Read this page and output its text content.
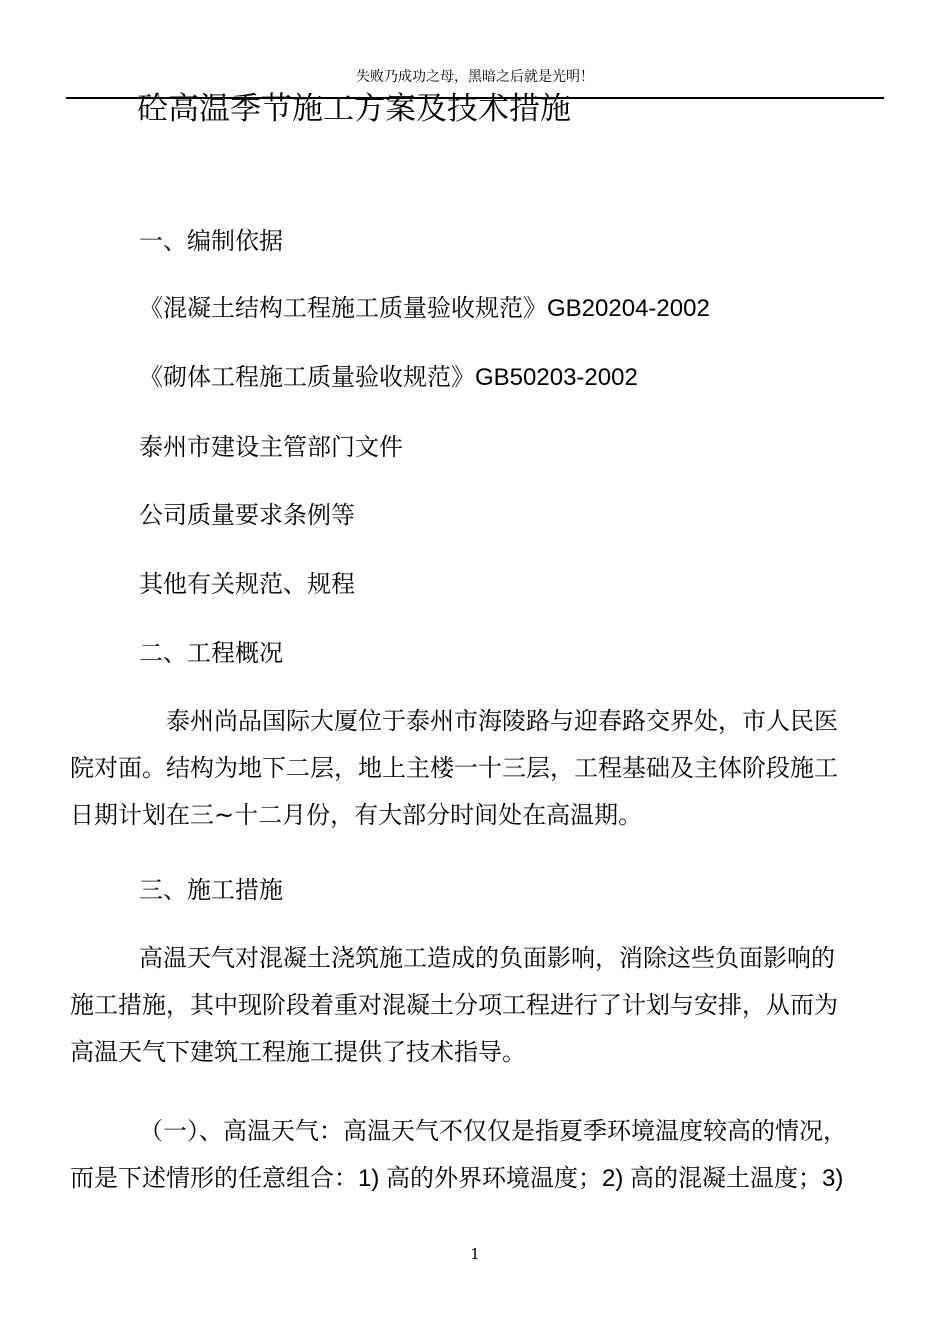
失败乃成功之母，黑暗之后就是光明！
砼高温季节施工方案及技术措施
一、编制依据
《混凝土结构工程施工质量验收规范》GB20204-2002
《砌体工程施工质量验收规范》GB50203-2002
泰州市建设主管部门文件
公司质量要求条例等
其他有关规范、规程
二、工程概况
泰州尚品国际大厦位于泰州市海陵路与迎春路交界处，市人民医
院对面。结构为地下二层，地上主楼一十三层，工程基础及主体阶段施工
日期计划在三~十二月份，有大部分时间处在高温期。
三、施工措施
高温天气对混凝土浇筑施工造成的负面影响，消除这些负面影响的
施工措施，其中现阶段着重对混凝土分项工程进行了计划与安排，从而为
高温天气下建筑工程施工提供了技术指导。
（一）、高温天气：高温天气不仅仅是指夏季环境温度较高的情况，
而是下述情形的任意组合：1) 高的外界环境温度；2) 高的混凝土温度；3)
1
